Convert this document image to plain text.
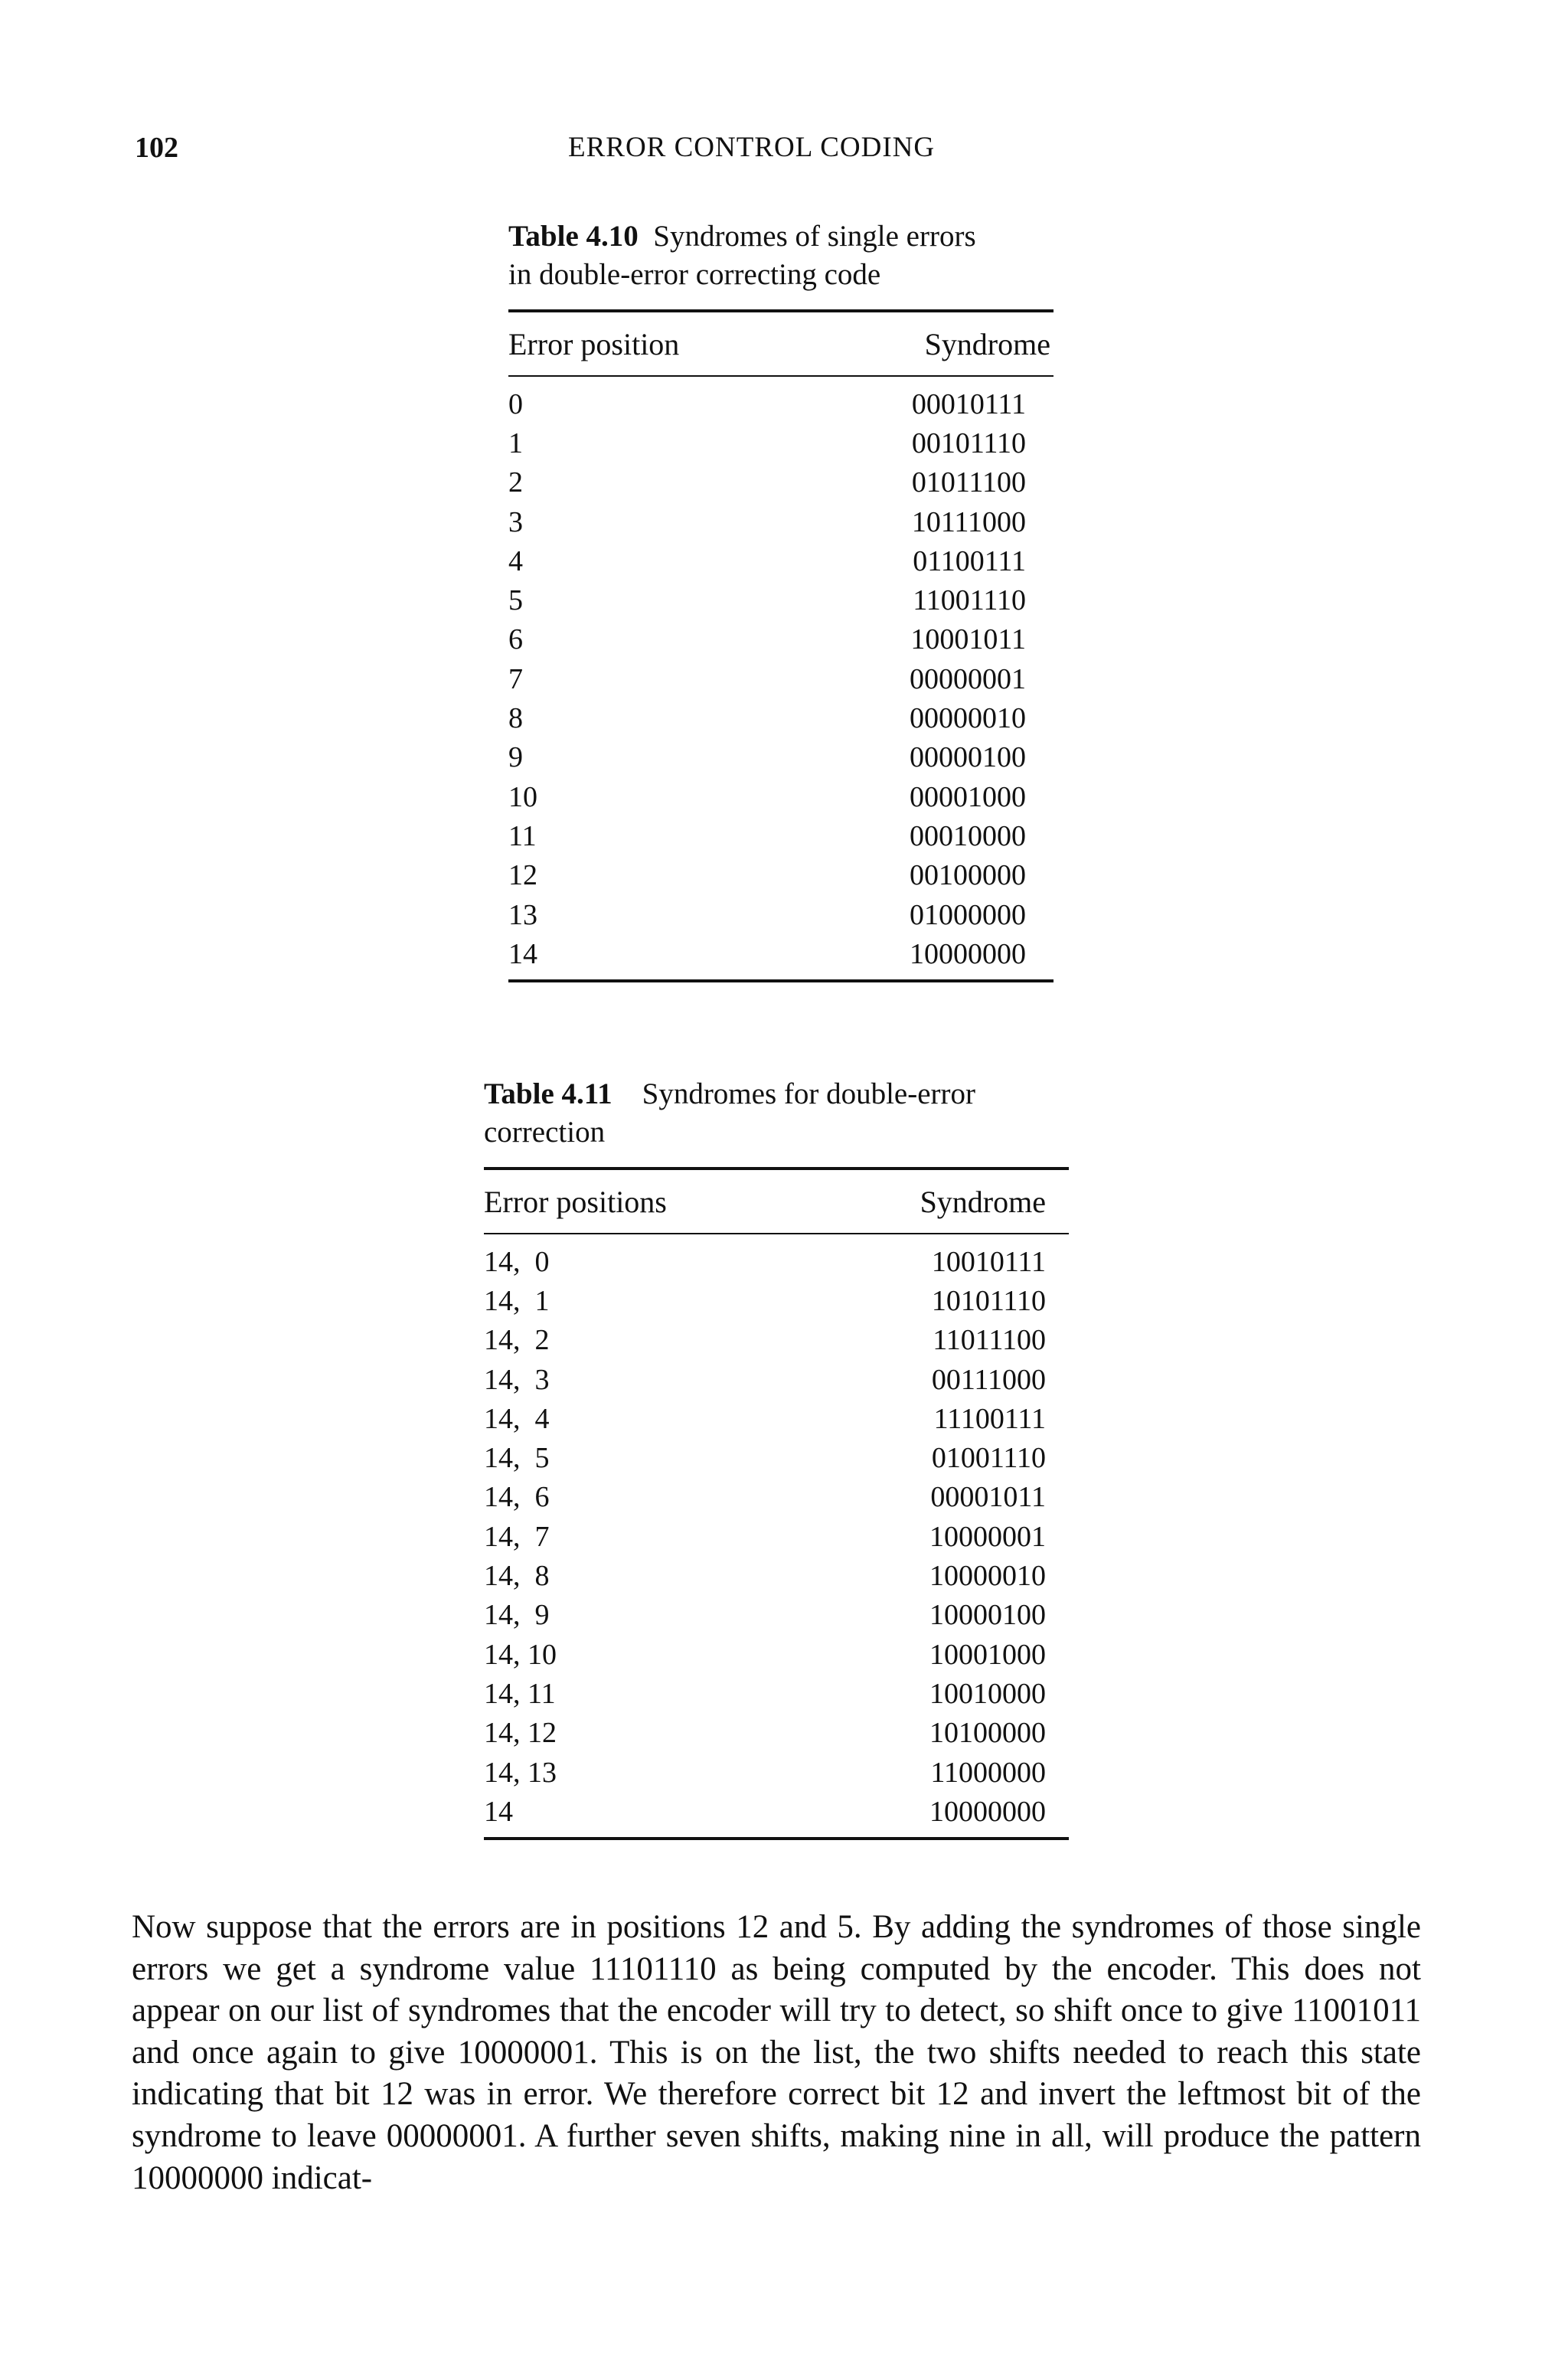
102	ERROR CONTROL CODING
Table 4.10 Syndromes of single errors
in double-error correcting code
Error position	Syndrome
0	00010111
1	00101110
2	01011100
3	10111000
4	01100111
5	11001110
6	10001011
7	00000001
8	00000010
9	00000100
10	00001000
11	00010000
12	00100000
13	01000000
14	10000000
Table 4.11 Syndromes for double-error
correction
Error positions	Syndrome
14,  0	10010111
14,  1	10101110
14,  2	11011100
14,  3	00111000
14,  4	11100111
14,  5	01001110
14,  6	00001011
14,  7	10000001
14,  8	10000010
14,  9	10000100
14, 10	10001000
14, 11	10010000
14, 12	10100000
14, 13	11000000
14	10000000

Now suppose that the errors are in positions 12 and 5. By adding the syndromes of those single errors we get a syndrome value 11101110 as being computed by the encoder. This does not appear on our list of syndromes that the encoder will try to detect, so shift once to give 11001011 and once again to give 10000001. This is on the list, the two shifts needed to reach this state indicating that bit 12 was in error. We therefore correct bit 12 and invert the leftmost bit of the syndrome to leave 00000001. A further seven shifts, making nine in all, will produce the pattern 10000000 indicat-
